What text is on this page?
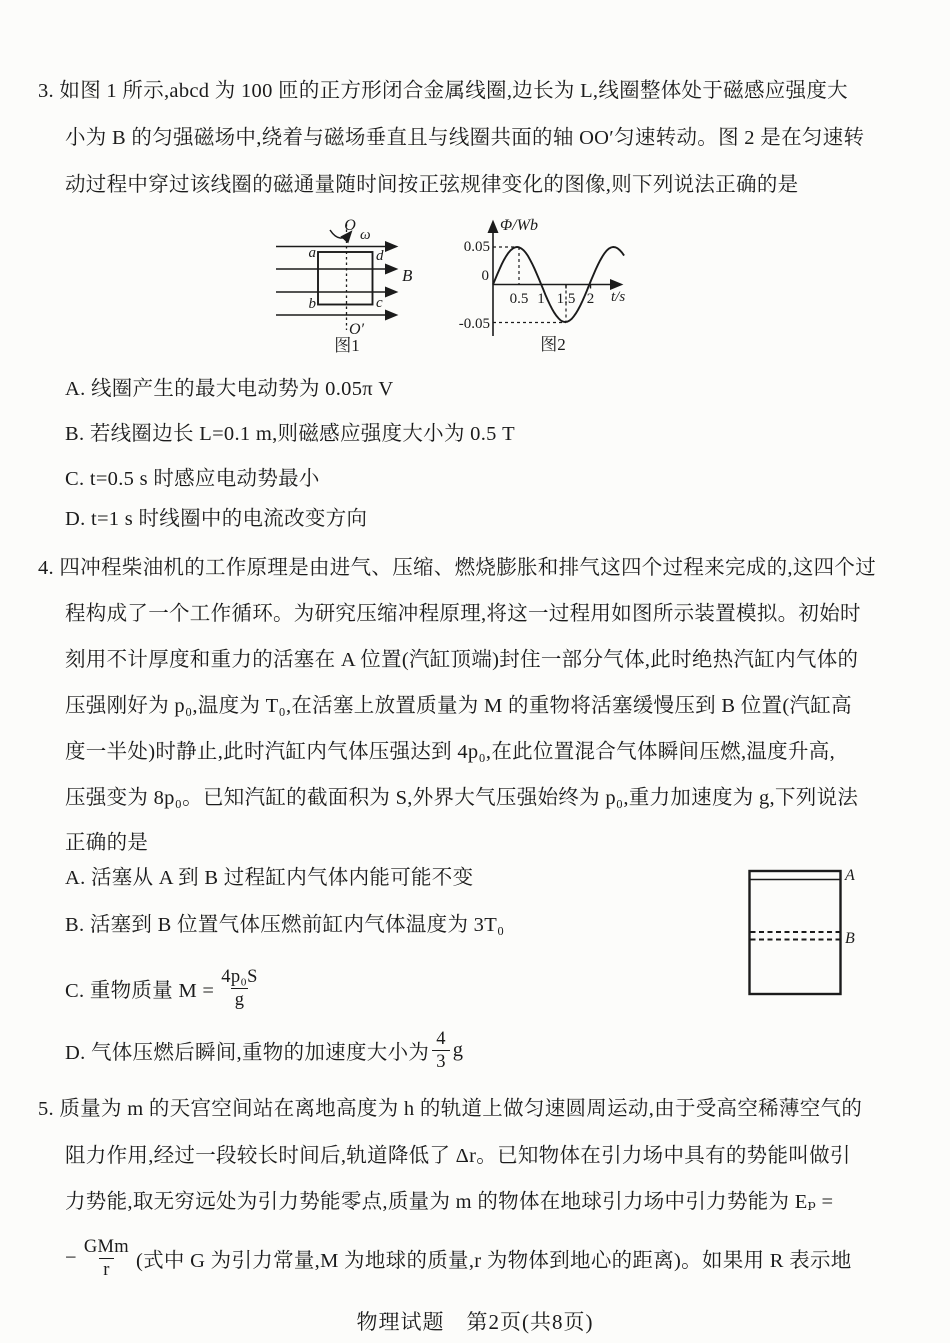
3. 如图 1 所示,abcd 为 100 匝的正方形闭合金属线圈,边长为 L,线圈整体处于磁感应强度大
小为 B 的匀强磁场中,绕着与磁场垂直且与线圈共面的轴 OO′匀速转动。图 2 是在匀速转
动过程中穿过该线圈的磁通量随时间按正弦规律变化的图像,则下列说法正确的是
O
ω
a	d
b	c
B
O′
图1
Φ/Wb
0.05
0
-0.05
0.5 1 1.5 2 t/s
图2
A. 线圈产生的最大电动势为 0.05π V
B. 若线圈边长 L=0.1 m,则磁感应强度大小为 0.5 T
C. t=0.5 s 时感应电动势最小
D. t=1 s 时线圈中的电流改变方向
4. 四冲程柴油机的工作原理是由进气、压缩、燃烧膨胀和排气这四个过程来完成的,这四个过
程构成了一个工作循环。为研究压缩冲程原理,将这一过程用如图所示装置模拟。初始时
刻用不计厚度和重力的活塞在 A 位置(汽缸顶端)封住一部分气体,此时绝热汽缸内气体的
压强刚好为 p₀,温度为 T₀,在活塞上放置质量为 M 的重物将活塞缓慢压到 B 位置(汽缸高
度一半处)时静止,此时汽缸内气体压强达到 4p₀,在此位置混合气体瞬间压燃,温度升高,
压强变为 8p₀。已知汽缸的截面积为 S,外界大气压强始终为 p₀,重力加速度为 g,下列说法
正确的是
A. 活塞从 A 到 B 过程缸内气体内能可能不变
B. 活塞到 B 位置气体压燃前缸内气体温度为 3T₀
C. 重物质量 $M = \frac{\text{4p₀S}}{g}$
D. 气体压燃后瞬间,重物的加速度大小为 $\frac{4}{3}$ g
A
B
5. 质量为 m 的天宫空间站在离地高度为 h 的轨道上做匀速圆周运动,由于受高空稀薄空气的
阻力作用,经过一段较长时间后,轨道降低了 Δr。已知物体在引力场中具有的势能叫做引
力势能,取无穷远处为引力势能零点,质量为 m 的物体在地球引力场中引力势能为 Eₚ =
− $\frac{\text{GMm}}{r}$ (式中 G 为引力常量,M 为地球的质量,r 为物体到地心的距离)。如果用 R 表示地
物理试题　第2页(共8页)
